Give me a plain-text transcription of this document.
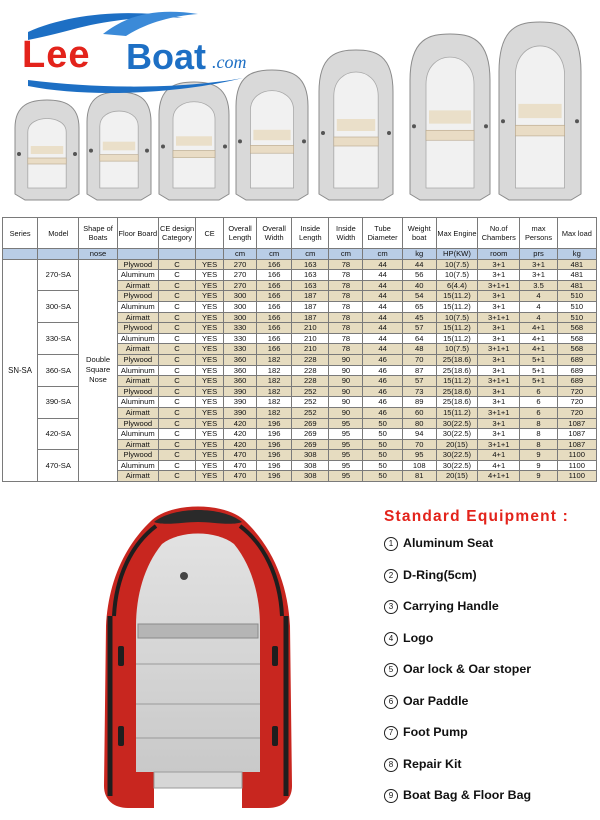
Lee Boat .com
Series	Model	Shape of Boats	Floor Board	CE design Category	CE	Overall Length	Overall Width	Inside Length	Inside Width	Tube Diameter	Weight boat	Max Engine	No.of Chambers	max Persons	Max load
		nose				cm	cm	cm	cm	cm	kg	HP(KW)	room	prs	kg
SN-SA	270-SA	Double Square Nose	Plywood	C	YES	270	166	163	78	44	44	10(7.5)	3+1	3+1	481
			Aluminum	C	YES	270	166	163	78	44	56	10(7.5)	3+1	3+1	481
			Airmatt	C	YES	270	166	163	78	44	40	6(4.4)	3+1+1	3.5	481
	300-SA		Plywood	C	YES	300	166	187	78	44	54	15(11.2)	3+1	4	510
			Aluminum	C	YES	300	166	187	78	44	65	15(11.2)	3+1	4	510
			Airmatt	C	YES	300	166	187	78	44	45	10(7.5)	3+1+1	4	510
	330-SA		Plywood	C	YES	330	166	210	78	44	57	15(11.2)	3+1	4+1	568
			Aluminum	C	YES	330	166	210	78	44	64	15(11.2)	3+1	4+1	568
			Airmatt	C	YES	330	166	210	78	44	48	10(7.5)	3+1+1	4+1	568
	360-SA		Plywood	C	YES	360	182	228	90	46	70	25(18.6)	3+1	5+1	689
			Aluminum	C	YES	360	182	228	90	46	87	25(18.6)	3+1	5+1	689
			Airmatt	C	YES	360	182	228	90	46	57	15(11.2)	3+1+1	5+1	689
	390-SA		Plywood	C	YES	390	182	252	90	46	73	25(18.6)	3+1	6	720
			Aluminum	C	YES	390	182	252	90	46	89	25(18.6)	3+1	6	720
			Airmatt	C	YES	390	182	252	90	46	60	15(11.2)	3+1+1	6	720
	420-SA		Plywood	C	YES	420	196	269	95	50	80	30(22.5)	3+1	8	1087
			Aluminum	C	YES	420	196	269	95	50	94	30(22.5)	3+1	8	1087
			Airmatt	C	YES	420	196	269	95	50	70	20(15)	3+1+1	8	1087
	470-SA		Plywood	C	YES	470	196	308	95	50	95	30(22.5)	4+1	9	1100
			Aluminum	C	YES	470	196	308	95	50	108	30(22.5)	4+1	9	1100
			Airmatt	C	YES	470	196	308	95	50	81	20(15)	4+1+1	9	1100
Standard Equipment :
1 Aluminum Seat
2 D-Ring(5cm)
3 Carrying Handle
4 Logo
5 Oar lock & Oar stoper
6 Oar Paddle
7 Foot Pump
8 Repair Kit
9 Boat Bag & Floor Bag
